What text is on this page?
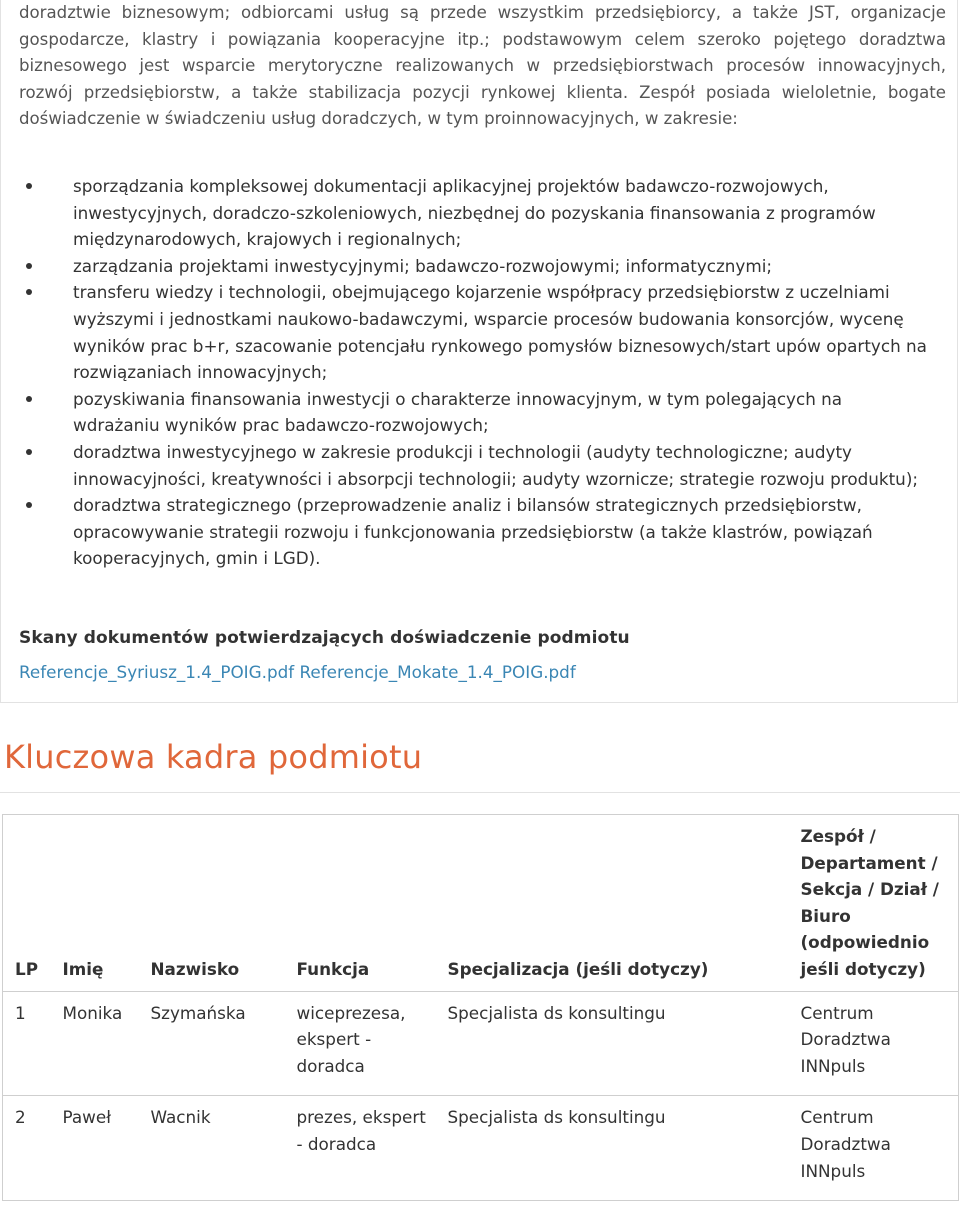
doradztwie biznesowym; odbiorcami usług są przede wszystkim przedsiębiorcy, a także JST, organizacje gospodarcze, klastry i powiązania kooperacyjne itp.; podstawowym celem szeroko pojętego doradztwa biznesowego jest wsparcie merytoryczne realizowanych w przedsiębiorstwach procesów innowacyjnych, rozwój przedsiębiorstw, a także stabilizacja pozycji rynkowej klienta. Zespół posiada wieloletnie, bogate doświadczenie w świadczeniu usług doradczych, w tym proinnowacyjnych, w zakresie:

sporządzania kompleksowej dokumentacji aplikacyjnej projektów badawczo-rozwojowych, inwestycyjnych, doradczo-szkoleniowych, niezbędnej do pozyskania finansowania z programów międzynarodowych, krajowych i regionalnych;
zarządzania projektami inwestycyjnymi; badawczo-rozwojowymi; informatycznymi;
transferu wiedzy i technologii, obejmującego kojarzenie współpracy przedsiębiorstw z uczelniami wyższymi i jednostkami naukowo-badawczymi, wsparcie procesów budowania konsorcjów, wycenę wyników prac b+r, szacowanie potencjału rynkowego pomysłów biznesowych/start upów opartych na rozwiązaniach innowacyjnych;
pozyskiwania finansowania inwestycji o charakterze innowacyjnym, w tym polegających na wdrażaniu wyników prac badawczo-rozwojowych;
doradztwa inwestycyjnego w zakresie produkcji i technologii (audyty technologiczne; audyty innowacyjności, kreatywności i absorpcji technologii; audyty wzornicze; strategie rozwoju produktu);
doradztwa strategicznego (przeprowadzenie analiz i bilansów strategicznych przedsiębiorstw, opracowywanie strategii rozwoju i funkcjonowania przedsiębiorstw (a także klastrów, powiązań kooperacyjnych, gmin i LGD).
Skany dokumentów potwierdzających doświadczenie podmiotu
Referencje_Syriusz_1.4_POIG.pdf Referencje_Mokate_1.4_POIG.pdf
Kluczowa kadra podmiotu
LP	Imię	Nazwisko	Funkcja	Specjalizacja (jeśli dotyczy)	Zespół / Departament / Sekcja / Dział / Biuro (odpowiednio jeśli dotyczy)
1	Monika	Szymańska	wiceprezesa, ekspert - doradca	Specjalista ds konsultingu	Centrum Doradztwa INNpuls
2	Paweł	Wacnik	prezes, ekspert - doradca	Specjalista ds konsultingu	Centrum Doradztwa INNpuls
